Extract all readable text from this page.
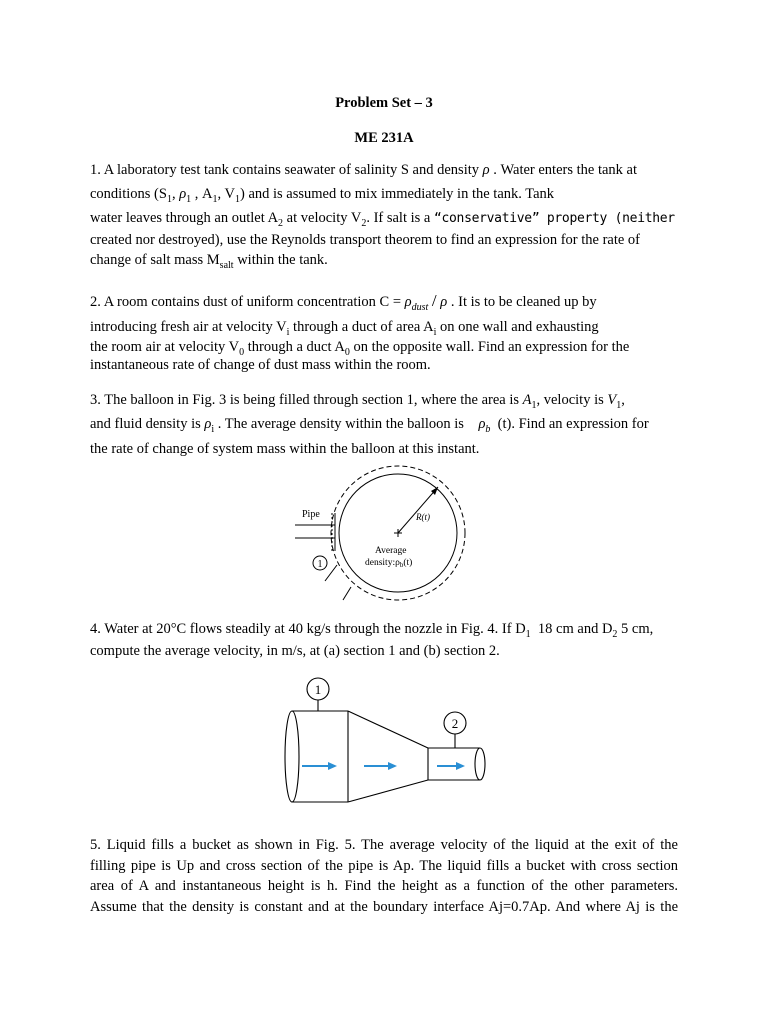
Problem Set – 3
ME 231A
1. A laboratory test tank contains seawater of salinity S and density ρ . Water enters the tank at
conditions ($S_1$, $\rho_1$ , $A_1$, $V_1$) and is assumed to mix immediately in the tank. Tank
water leaves through an outlet $A_2$ at velocity $V_2$. If salt is a “conservative” property (neither
created nor destroyed), use the Reynolds transport theorem to find an expression for the rate of
change of salt mass $M_{salt}$ within the tank.
2. A room contains dust of uniform concentration $C = \rho_{dust} / \rho$ . It is to be cleaned up by
introducing fresh air at velocity $V_i$ through a duct of area $A_i$ on one wall and exhausting
the room air at velocity $V_0$ through a duct $A_0$ on the opposite wall. Find an expression for the
instantaneous rate of change of dust mass within the room.
3. The balloon in Fig. 3 is being filled through section 1, where the area is $A_1$, velocity is $V_1$,
and fluid density is $\rho_i$ . The average density within the balloon is $\rho_b$ (t). Find an expression for
the rate of change of system mass within the balloon at this instant.
1
Pipe	R(t)
Average
$density:\rho_b(t)$
4. Water at 20°C flows steadily at 40 kg/s through the nozzle in Fig. 4. If $D_1$ 18 cm and $D_2$ 5 cm,
compute the average velocity, in m/s, at (a) section 1 and (b) section 2.
1
2
5. Liquid fills a bucket as shown in Fig. 5. The average velocity of the liquid at the exit of the
filling pipe is Up and cross section of the pipe is Ap. The liquid fills a bucket with cross section
area of A and instantaneous height is h. Find the height as a function of the other parameters.
Assume that the density is constant and at the boundary interface Aj=0.7Ap. And where Aj is the
